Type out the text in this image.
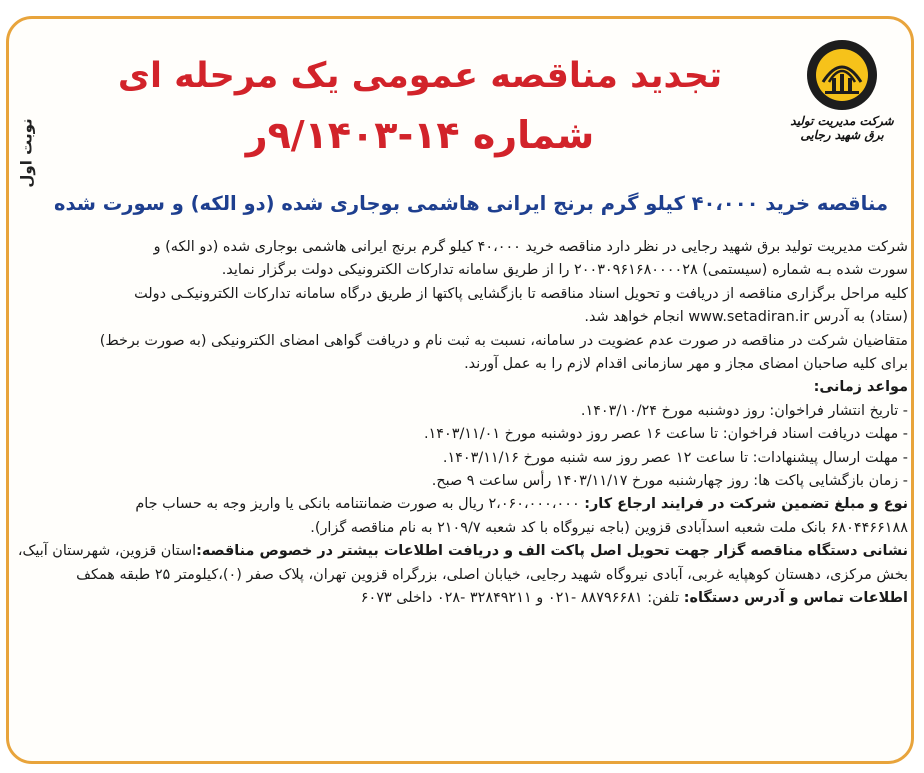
نوبت اول	شرکت مدیریت تولید برق شهید رجایی
تجدید مناقصه عمومی یک مرحله ای
شماره ۱۴-۹/۱۴۰۳ر
مناقصه خرید ۴۰،۰۰۰ کیلو گرم برنج ایرانی هاشمی بوجاری شده (دو الکه) و سورت شده

شرکت مدیریت تولید برق شهید رجایی در نظر دارد مناقصه خرید ۴۰،۰۰۰ کیلو گرم برنج ایرانی هاشمی بوجاری شده (دو الکه) و

سورت شده بـه شماره (سیستمی) ۲۰۰۳۰۹۶۱۶۸۰۰۰۰۲۸ را از طریق سامانه تدارکات الکترونیکی دولت برگزار نماید.

کلیه مراحل برگزاری مناقصه از دریافت و تحویل اسناد مناقصه تا بازگشایی پاکتها از طریق درگاه سامانه تدارکات الکترونیکـی دولت

(ستاد) به آدرس www.setadiran.ir انجام خواهد شد.

متقاضیان شرکت در مناقصه در صورت عدم عضویت در سامانه، نسبت به ثبت نام و دریافت گواهی امضای الکترونیکی (به صورت برخط)

برای کلیه صاحبان امضای مجاز و مهر سازمانی اقدام لازم را به عمل آورند.

مواعد زمانی:

- تاریخ انتشار فراخوان: روز دوشنبه مورخ ۱۴۰۳/۱۰/۲۴.

- مهلت دریافت اسناد فراخوان: تا ساعت ۱۶ عصر روز دوشنبه مورخ ۱۴۰۳/۱۱/۰۱.

- مهلت ارسال پیشنهادات: تا ساعت ۱۲ عصر روز سه شنبه مورخ ۱۴۰۳/۱۱/۱۶.

- زمان بازگشایی پاکت ها: روز چهارشنبه مورخ ۱۴۰۳/۱۱/۱۷ رأس ساعت ۹ صبح.

نوع و مبلغ تضمین شرکت در فرایند ارجاع کار: ۲،۰۶۰،۰۰۰،۰۰۰ ریال به صورت ضمانتنامه بانکی یا واریز وجه به حساب جام

۶۸۰۴۴۶۶۱۸۸ بانک ملت شعبه اسدآبادی قزوین (باجه نیروگاه با کد شعبه ۲۱۰۹/۷ به نام مناقصه گزار).

نشانی دستگاه مناقصه گزار جهت تحویل اصل پاکت الف و دریافت اطلاعات بیشتر در خصوص مناقصه:استان قزوین، شهرستان آبیک،

بخش مرکزی، دهستان کوهپایه غربی، آبادی نیروگاه شهید رجایی، خیابان اصلی، بزرگراه قزوین تهران، پلاک صفر (۰)،کیلومتر ۲۵ طبقه همکف

اطلاعات تماس و آدرس دستگاه: تلفن: ۸۸۷۹۶۶۸۱ -۰۲۱ و ۳۲۸۴۹۲۱۱ -۰۲۸ داخلی ۶۰۷۳
